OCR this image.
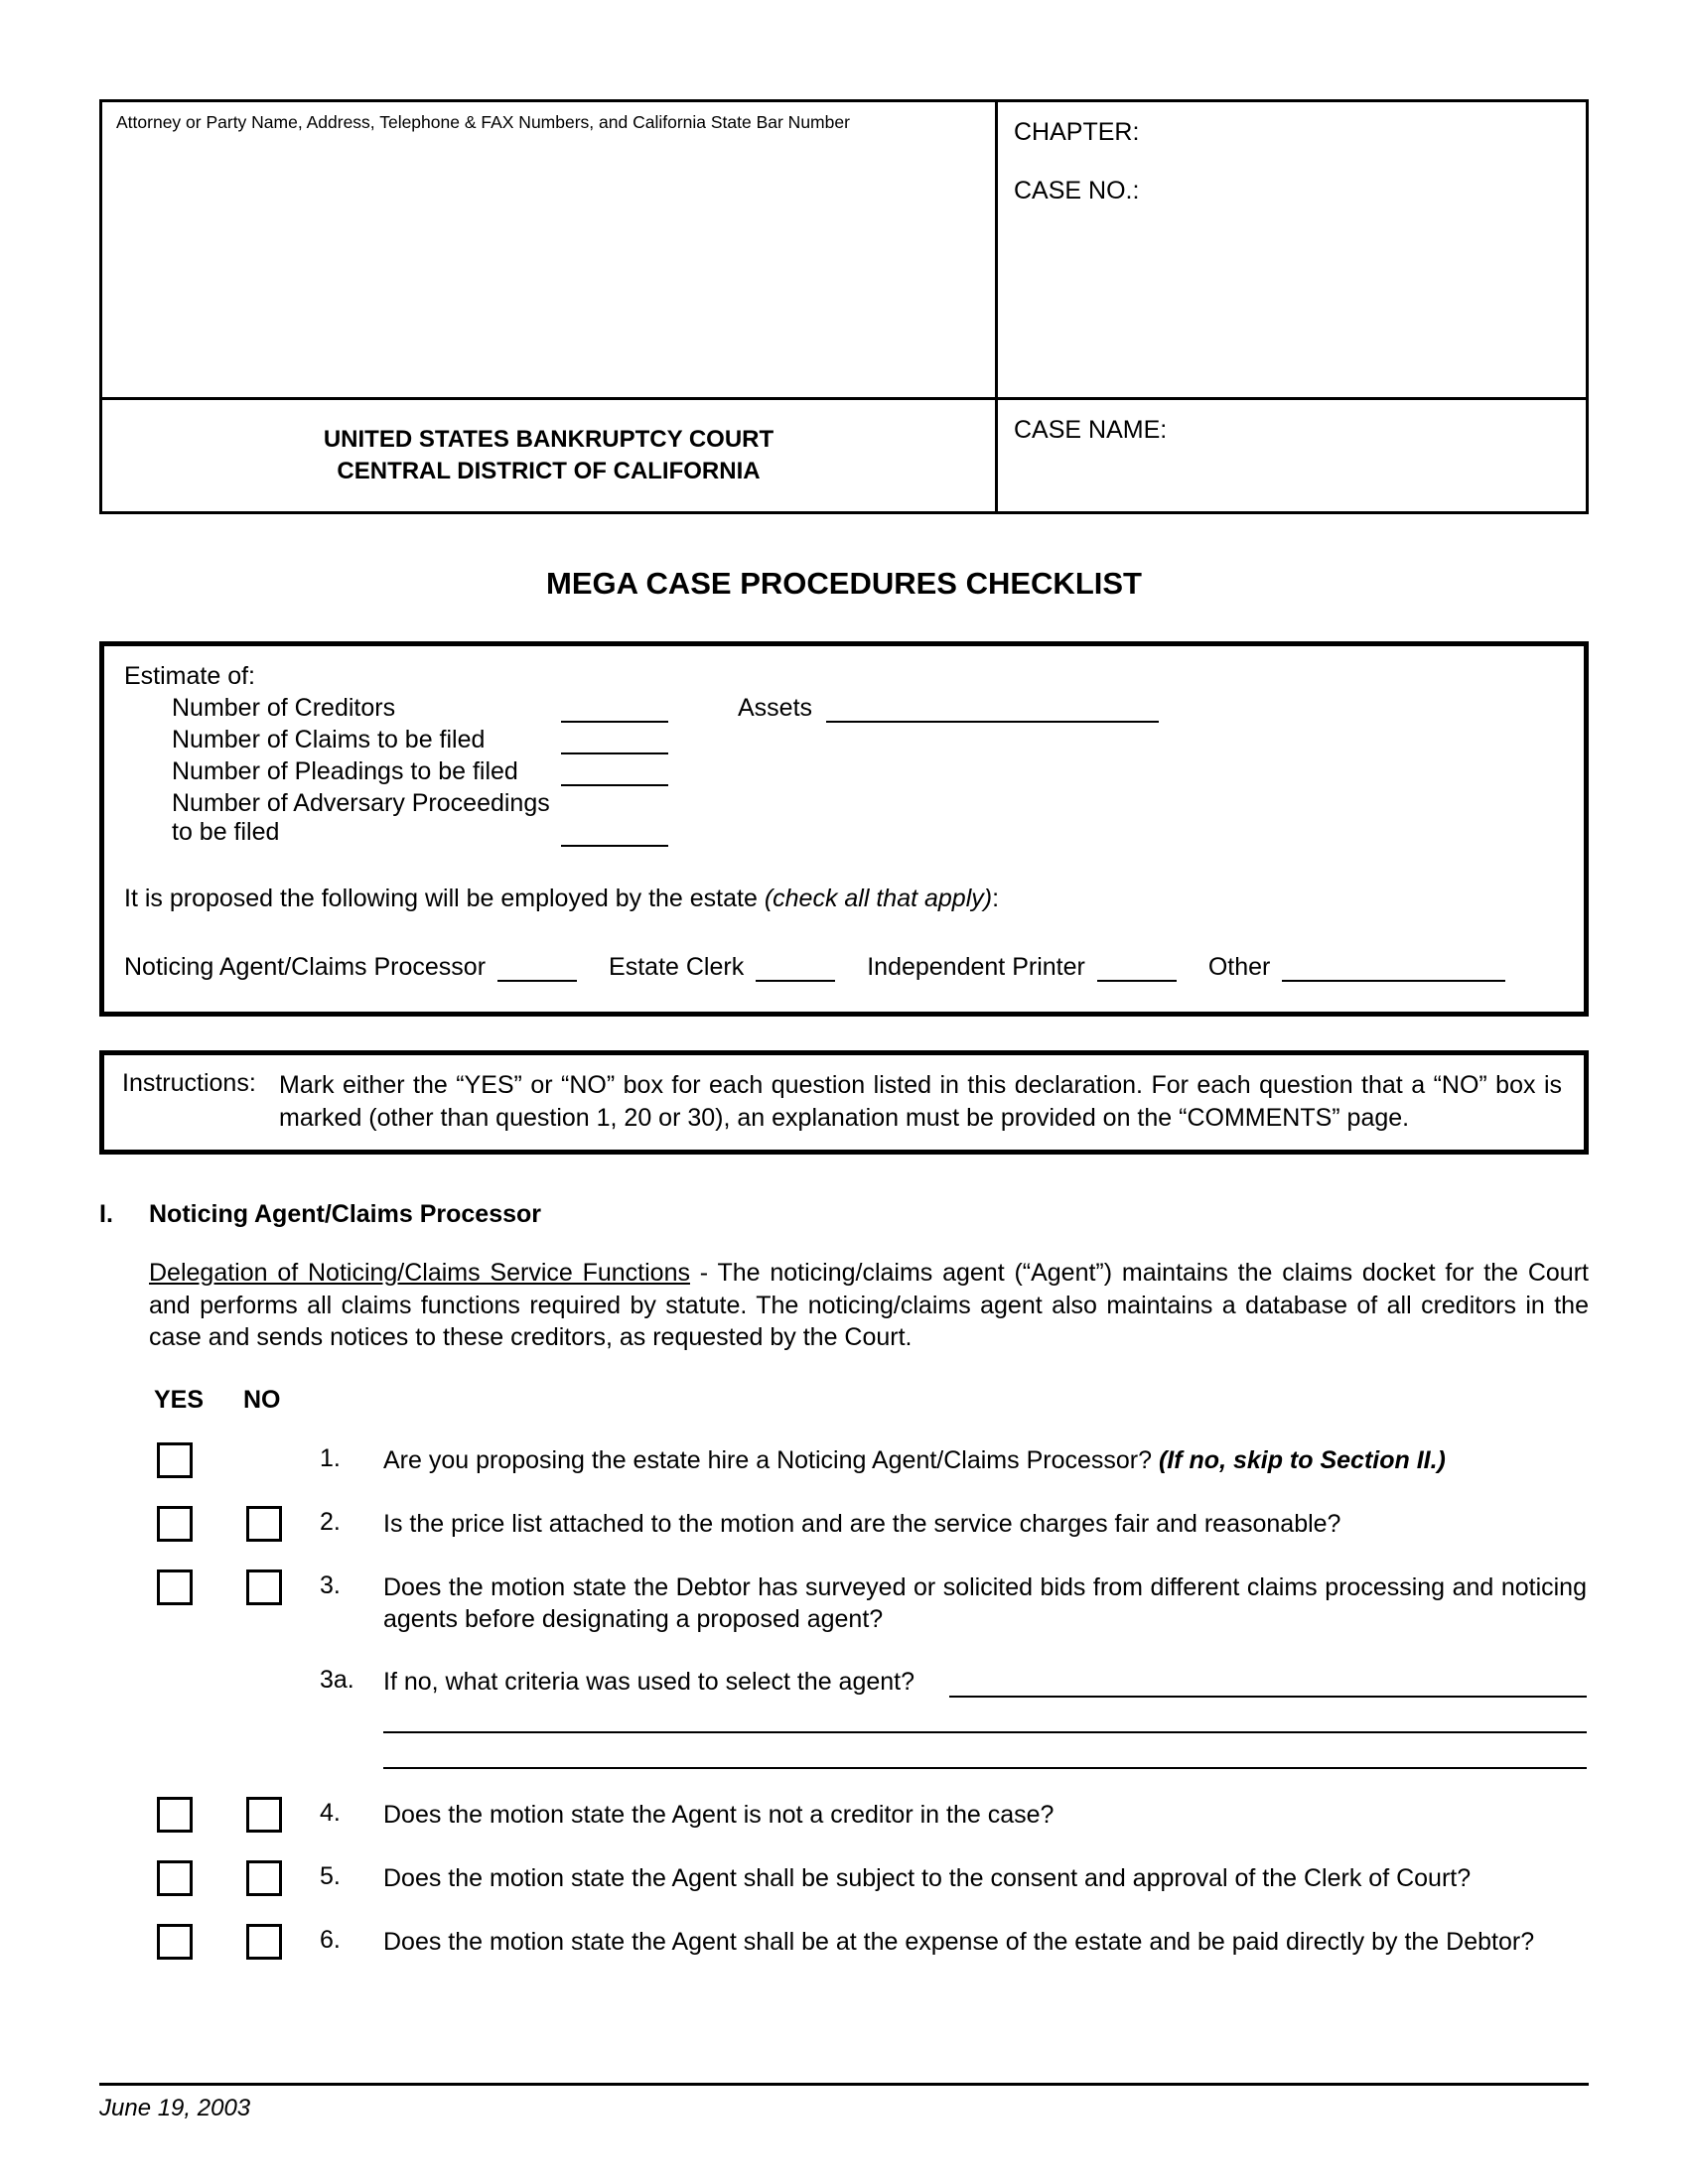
Attorney or Party Name, Address, Telephone & FAX Numbers, and California State Bar Number	CHAPTER:
CASE NO.:
UNITED STATES BANKRUPTCY COURT
CENTRAL DISTRICT OF CALIFORNIA
CASE NAME:
MEGA CASE PROCEDURES CHECKLIST
Estimate of:
Number of Creditors	Assets
Number of Claims to be filed
Number of Pleadings to be filed
Number of Adversary Proceedings to be filed
It is proposed the following will be employed by the estate (check all that apply):
Noticing Agent/Claims Processor	Estate Clerk	Independent Printer	Other
Instructions: Mark either the “YES” or “NO” box for each question listed in this declaration. For each question that a “NO” box is marked (other than question 1, 20 or 30), an explanation must be provided on the “COMMENTS” page.
I.	Noticing Agent/Claims Processor
Delegation of Noticing/Claims Service Functions - The noticing/claims agent (“Agent”) maintains the claims docket for the Court and performs all claims functions required by statute. The noticing/claims agent also maintains a database of all creditors in the case and sends notices to these creditors, as requested by the Court.
YES	NO
1.	Are you proposing the estate hire a Noticing Agent/Claims Processor? (If no, skip to Section II.)
2.	Is the price list attached to the motion and are the service charges fair and reasonable?
3.	Does the motion state the Debtor has surveyed or solicited bids from different claims processing and noticing agents before designating a proposed agent?
3a.	If no, what criteria was used to select the agent?
4.	Does the motion state the Agent is not a creditor in the case?
5.	Does the motion state the Agent shall be subject to the consent and approval of the Clerk of Court?
6.	Does the motion state the Agent shall be at the expense of the estate and be paid directly by the Debtor?
June 19, 2003
